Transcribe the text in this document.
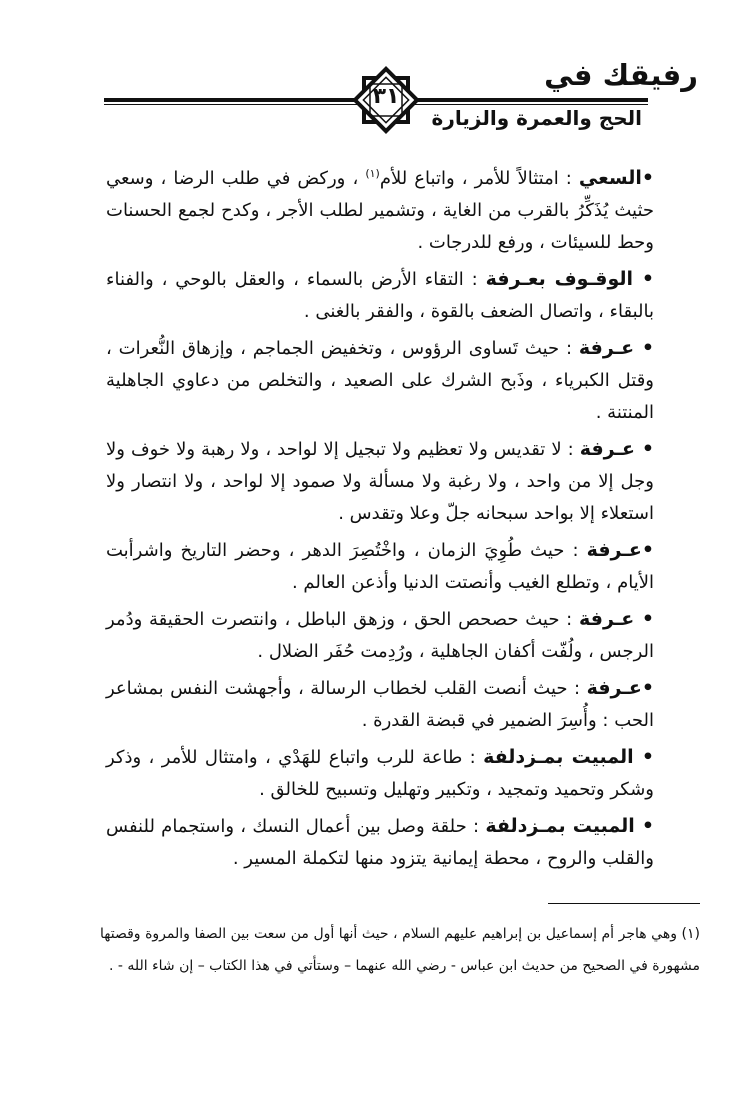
رفيقك في
الحج والعمرة والزيارة
٣١

•السعي : امتثالاً للأمر ، واتباع للأم$^{(١)}$ ، وركض في طلب الرضا ، وسعي حثيث يُذَكِّرُ بالقرب من الغاية ، وتشمير لطلب الأجر ، وكدح لجمع الحسنات وحط للسيئات ، ورفع للدرجات .

• الوقـوف بعـرفة : التقاء الأرض بالسماء ، والعقل بالوحي ، والفناء بالبقاء ، واتصال الضعف بالقوة ، والفقر بالغنى .

• عـرفة : حيث تَساوى الرؤوس ، وتخفيض الجماجم ، وإزهاق النُّعرات ، وقتل الكبرياء ، وذَبح الشرك على الصعيد ، والتخلص من دعاوي الجاهلية المنتنة .

• عـرفة : لا تقديس ولا تعظيم ولا تبجيل إلا لواحد ، ولا رهبة ولا خوف ولا وجل إلا من واحد ، ولا رغبة ولا مسألة ولا صمود إلا لواحد ، ولا انتصار ولا استعلاء إلا بواحد سبحانه جلّ وعلا وتقدس .

•عـرفة : حيث طُوِيَ الزمان ، واخْتُصِرَ الدهر ، وحضر التاريخ واشرأبت الأيام ، وتطلع الغيب وأنصتت الدنيا وأذعن العالم .

• عـرفة : حيث حصحص الحق ، وزهق الباطل ، وانتصرت الحقيقة ودُمر الرجس ، ولُفّت أكفان الجاهلية ، ورُدِمت حُفَر الضلال .

•عـرفة : حيث أنصت القلب لخطاب الرسالة ، وأجهشت النفس بمشاعر الحب : وأُسِرَ الضمير في قبضة القدرة .

• المبيت بمـزدلفة : طاعة للرب واتباع للهَدْي ، وامتثال للأمر ، وذكر وشكر وتحميد وتمجيد ، وتكبير وتهليل وتسبيح للخالق .

• المبيت بمـزدلفة : حلقة وصل بين أعمال النسك ، واستجمام للنفس والقلب والروح ، محطة إيمانية يتزود منها لتكملة المسير .

(١) وهي هاجر أم إسماعيل بن إبراهيم عليهم السلام ، حيث أنها أول من سعت بين الصفا والمروة وقصتها مشهورة في الصحيح من حديث ابن عباس - رضي الله عنهما – وستأتي في هذا الكتاب – إن شاء الله - .
